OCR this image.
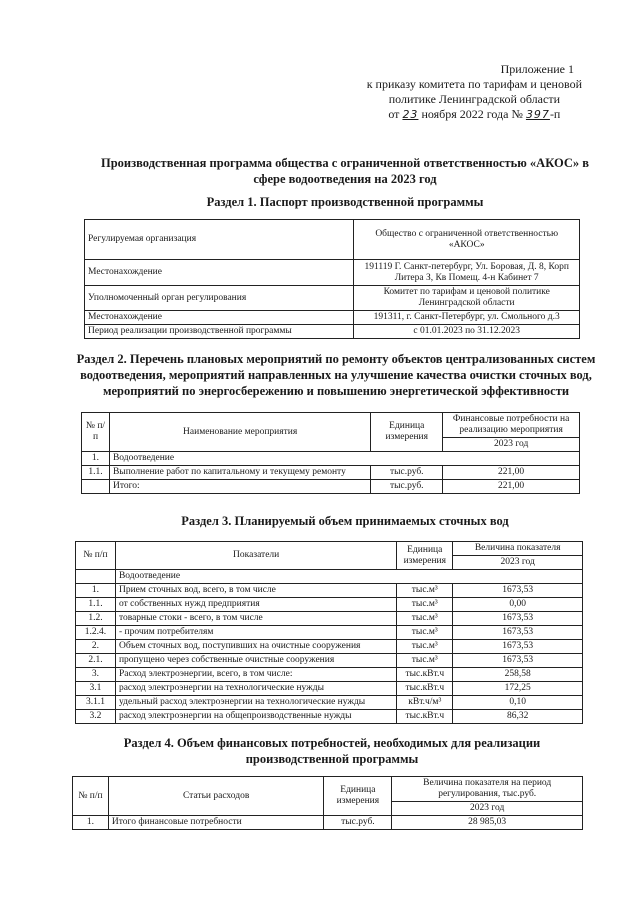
Приложение 1
к приказу комитета по тарифам и ценовой
политике Ленинградской области
от 23 ноября 2022 года № 397-п
Производственная программа общества с ограниченной ответственностью «АКОС» в сфере водоотведения на 2023 год
Раздел 1. Паспорт производственной программы
Регулируемая организация	Общество с ограниченной ответственностью «АКОС»
Местонахождение	191119 Г. Санкт-петербург, Ул. Боровая, Д. 8, Корп Литера З, Кв Помещ. 4-н Кабинет 7
Уполномоченный орган регулирования	Комитет по тарифам и ценовой политике Ленинградской области
Местонахождение	191311, г. Санкт-Петербург, ул. Смольного д.3
Период реализации производственной программы	с 01.01.2023 по 31.12.2023
Раздел 2. Перечень плановых мероприятий по ремонту объектов централизованных систем водоотведения, мероприятий направленных на улучшение качества очистки сточных вод, мероприятий по энергосбережению и повышению энергетической эффективности
№ п/п	Наименование мероприятия	Единица измерения	Финансовые потребности на реализацию мероприятия
			2023 год
1.	Водоотведение		
1.1.	Выполнение работ по капитальному и текущему ремонту	тыс.руб.	221,00
	Итого:	тыс.руб.	221,00
Раздел 3. Планируемый объем принимаемых сточных вод
№ п/п	Показатели	Единица измерения	Величина показателя
			2023 год
	Водоотведение		
1.	Прием сточных вод, всего, в том числе	тыс.м³	1673,53
1.1.	от собственных нужд предприятия	тыс.м³	0,00
1.2.	товарные стоки - всего, в том числе	тыс.м³	1673,53
1.2.4.	- прочим потребителям	тыс.м³	1673,53
2.	Объем сточных вод, поступивших на очистные сооружения	тыс.м³	1673,53
2.1.	пропущено через собственные очистные сооружения	тыс.м³	1673,53
3.	Расход электроэнергии, всего, в том числе:	тыс.кВт.ч	258,58
3.1	расход электроэнергии на технологические нужды	тыс.кВт.ч	172,25
3.1.1	удельный расход электроэнергии на технологические нужды	кВт.ч/м³	0,10
3.2	расход электроэнергии на общепроизводственные нужды	тыс.кВт.ч	86,32
Раздел 4. Объем финансовых потребностей, необходимых для реализации производственной программы
№ п/п	Статьи расходов	Единица измерения	Величина показателя на период регулирования, тыс.руб.
			2023 год
1.	Итого финансовые потребности	тыс.руб.	28 985,03
